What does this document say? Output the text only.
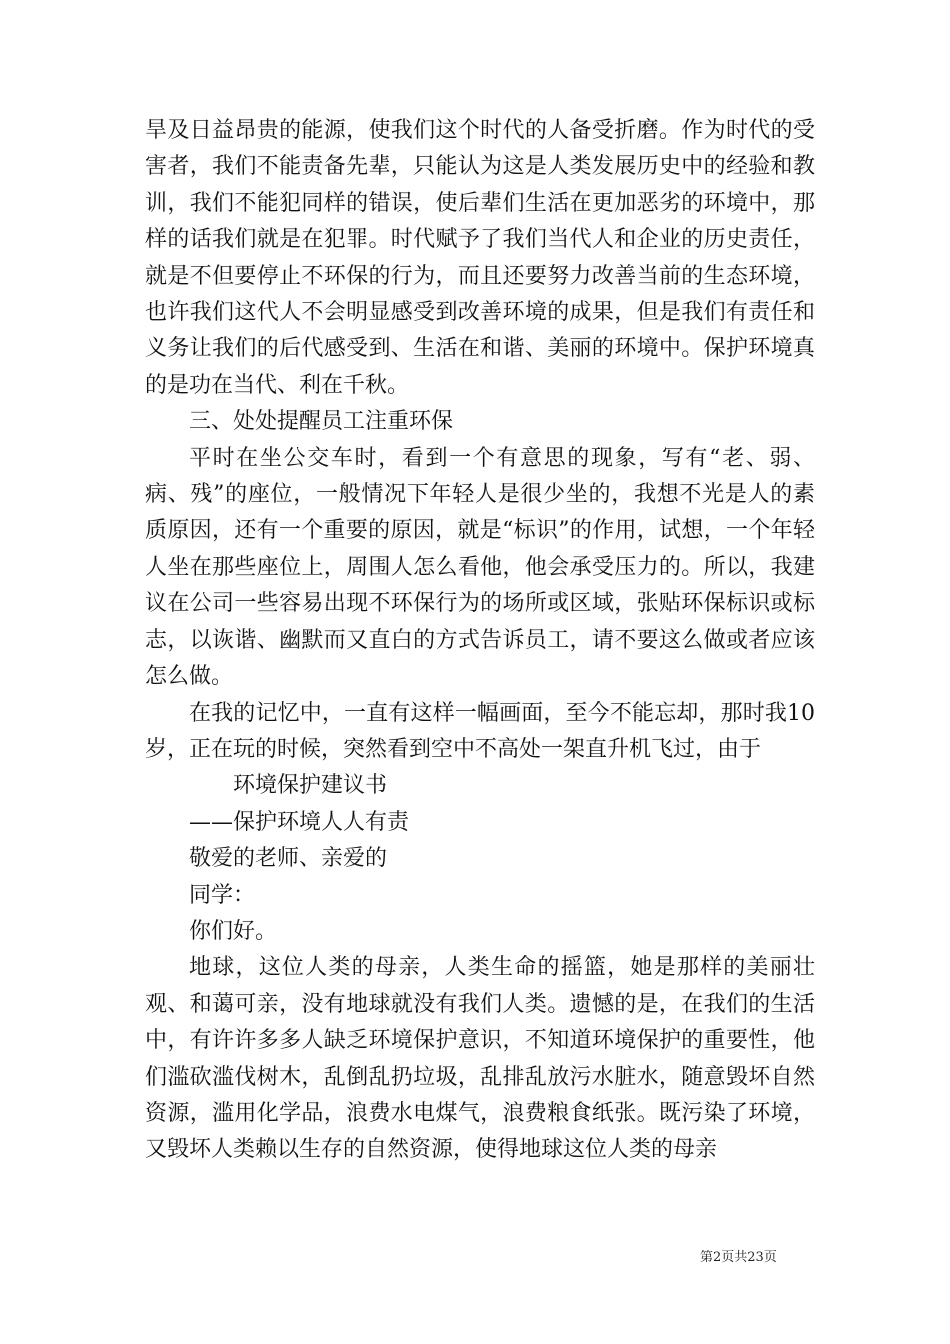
旱及日益昂贵的能源，使我们这个时代的人备受折磨。作为时代的受害者，我们不能责备先辈，只能认为这是人类发展历史中的经验和教训，我们不能犯同样的错误，使后辈们生活在更加恶劣的环境中，那样的话我们就是在犯罪。时代赋予了我们当代人和企业的历史责任，就是不但要停止不环保的行为，而且还要努力改善当前的生态环境，也许我们这代人不会明显感受到改善环境的成果，但是我们有责任和义务让我们的后代感受到、生活在和谐、美丽的环境中。保护环境真的是功在当代、利在千秋。

三、处处提醒员工注重环保

平时在坐公交车时，看到一个有意思的现象，写有“老、弱、病、残”的座位，一般情况下年轻人是很少坐的，我想不光是人的素质原因，还有一个重要的原因，就是“标识”的作用，试想，一个年轻人坐在那些座位上，周围人怎么看他，他会承受压力的。所以，我建议在公司一些容易出现不环保行为的场所或区域，张贴环保标识或标志，以诙谐、幽默而又直白的方式告诉员工，请不要这么做或者应该怎么做。

在我的记忆中，一直有这样一幅画面，至今不能忘却，那时我10岁，正在玩的时候，突然看到空中不高处一架直升机飞过，由于

环境保护建议书

——保护环境人人有责

敬爱的老师、亲爱的

同学：

你们好。

地球，这位人类的母亲，人类生命的摇篮，她是那样的美丽壮观、和蔼可亲，没有地球就没有我们人类。遗憾的是，在我们的生活中，有许许多多人缺乏环境保护意识，不知道环境保护的重要性，他们滥砍滥伐树木，乱倒乱扔垃圾，乱排乱放污水脏水，随意毁坏自然资源，滥用化学品，浪费水电煤气，浪费粮食纸张。既污染了环境，又毁坏人类赖以生存的自然资源，使得地球这位人类的母亲

第2页共23页
